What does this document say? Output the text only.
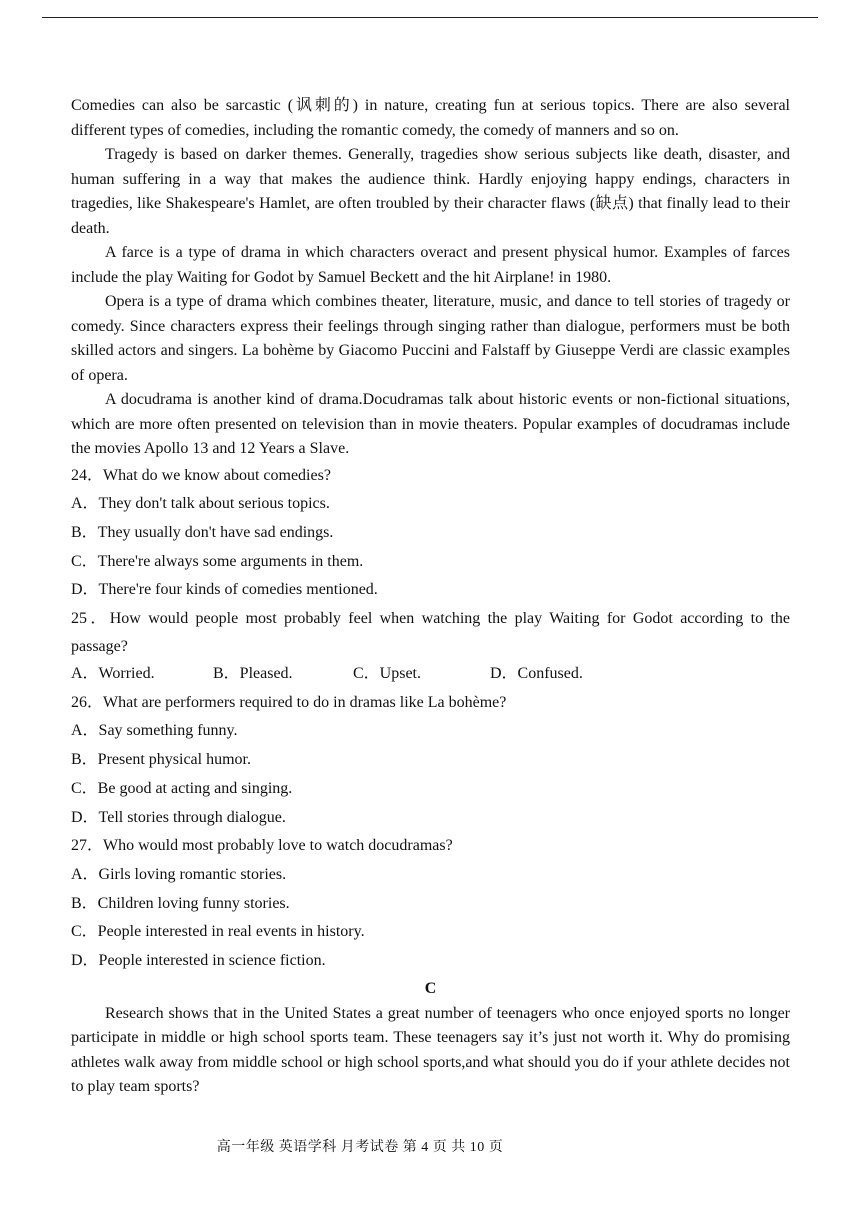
Comedies can also be sarcastic (讽刺的) in nature, creating fun at serious topics. There are also several different types of comedies, including the romantic comedy, the comedy of manners and so on.

Tragedy is based on darker themes. Generally, tragedies show serious subjects like death, disaster, and human suffering in a way that makes the audience think. Hardly enjoying happy endings, characters in tragedies, like Shakespeare's Hamlet, are often troubled by their character flaws (缺点) that finally lead to their death.

A farce is a type of drama in which characters overact and present physical humor. Examples of farces include the play Waiting for Godot by Samuel Beckett and the hit Airplane! in 1980.

Opera is a type of drama which combines theater, literature, music, and dance to tell stories of tragedy or comedy. Since characters express their feelings through singing rather than dialogue, performers must be both skilled actors and singers. La bohème by Giacomo Puccini and Falstaff by Giuseppe Verdi are classic examples of opera.

A docudrama is another kind of drama.Docudramas talk about historic events or non-fictional situations, which are more often presented on television than in movie theaters. Popular examples of docudramas include the movies Apollo 13 and 12 Years a Slave.

24．What do we know about comedies?

A．They don't talk about serious topics.

B．They usually don't have sad endings.

C．There're always some arguments in them.

D．There're four kinds of comedies mentioned.

25．How would people most probably feel when watching the play Waiting for Godot according to the passage?

A．Worried.	B．Pleased.	C．Upset.	D．Confused.

26．What are performers required to do in dramas like La bohème?

A．Say something funny.

B．Present physical humor.

C．Be good at acting and singing.

D．Tell stories through dialogue.

27．Who would most probably love to watch docudramas?

A．Girls loving romantic stories.

B．Children loving funny stories.

C．People interested in real events in history.

D．People interested in science fiction.

C

Research shows that in the United States a great number of teenagers who once enjoyed sports no longer participate in middle or high school sports team. These teenagers say it’s just not worth it. Why do promising athletes walk away from middle school or high school sports,and what should you do if your athlete decides not to play team sports?

高一年级 英语学科 月考试卷 第 4 页 共 10 页
